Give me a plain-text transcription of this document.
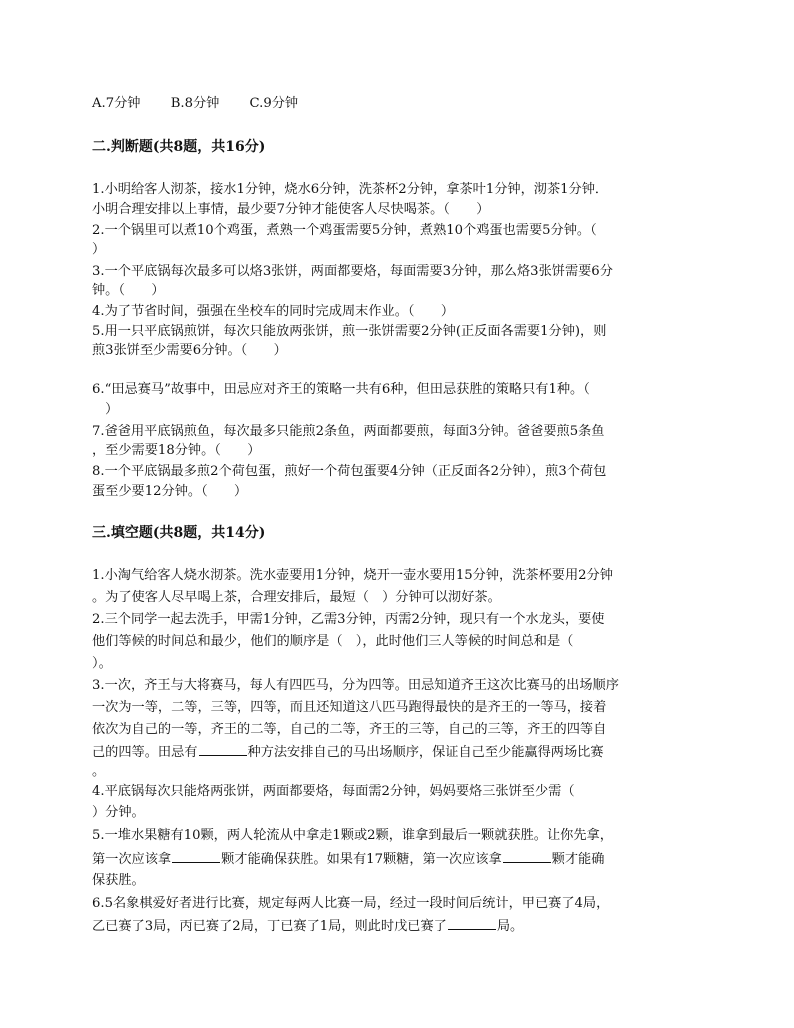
A.7分钟 B.8分钟 C.9分钟
二.判断题(共8题，共16分)
1.小明给客人沏茶，接水1分钟，烧水6分钟，洗茶杯2分钟，拿茶叶1分钟，沏茶1分钟．
小明合理安排以上事情，最少要7分钟才能使客人尽快喝茶。（　　）
2.一个锅里可以煮10个鸡蛋，煮熟一个鸡蛋需要5分钟，煮熟10个鸡蛋也需要5分钟。（
）
3.一个平底锅每次最多可以烙3张饼，两面都要烙，每面需要3分钟，那么烙3张饼需要6分
钟。（　　）
4.为了节省时间，强强在坐校车的同时完成周末作业。（　　）
5.用一只平底锅煎饼，每次只能放两张饼，煎一张饼需要2分钟(正反面各需要1分钟)，则
煎3张饼至少需要6分钟。（　　）
6.“田忌赛马”故事中，田忌应对齐王的策略一共有6种，但田忌获胜的策略只有1种。（
　）
7.爸爸用平底锅煎鱼，每次最多只能煎2条鱼，两面都要煎，每面3分钟。爸爸要煎5条鱼
，至少需要18分钟。（　　）
8.一个平底锅最多煎2个荷包蛋，煎好一个荷包蛋要4分钟（正反面各2分钟），煎3个荷包
蛋至少要12分钟。（　　）
三.填空题(共8题，共14分)
1.小淘气给客人烧水沏茶。洗水壶要用1分钟，烧开一壶水要用15分钟，洗茶杯要用2分钟
。为了使客人尽早喝上茶，合理安排后，最短（　）分钟可以沏好茶。
2.三个同学一起去洗手，甲需1分钟，乙需3分钟，丙需2分钟，现只有一个水龙头，要使
他们等候的时间总和最少，他们的顺序是（　），此时他们三人等候的时间总和是（
）。
3.一次，齐王与大将赛马，每人有四匹马，分为四等。田忌知道齐王这次比赛马的出场顺序
一次为一等，二等，三等，四等，而且还知道这八匹马跑得最快的是齐王的一等马，接着
依次为自己的一等，齐王的二等，自己的二等，齐王的三等，自己的三等，齐王的四等自
己的四等。田忌有	种方法安排自己的马出场顺序，保证自己至少能赢得两场比赛
。
4.平底锅每次只能烙两张饼，两面都要烙，每面需2分钟，妈妈要烙三张饼至少需（
）分钟。
5.一堆水果糖有10颗，两人轮流从中拿走1颗或2颗，谁拿到最后一颗就获胜。让你先拿，
第一次应该拿	颗才能确保获胜。如果有17颗糖，第一次应该拿	颗才能确
保获胜。
6.5名象棋爱好者进行比赛，规定每两人比赛一局，经过一段时间后统计，甲已赛了4局，
乙已赛了3局，丙已赛了2局，丁已赛了1局，则此时戊已赛了	局。
